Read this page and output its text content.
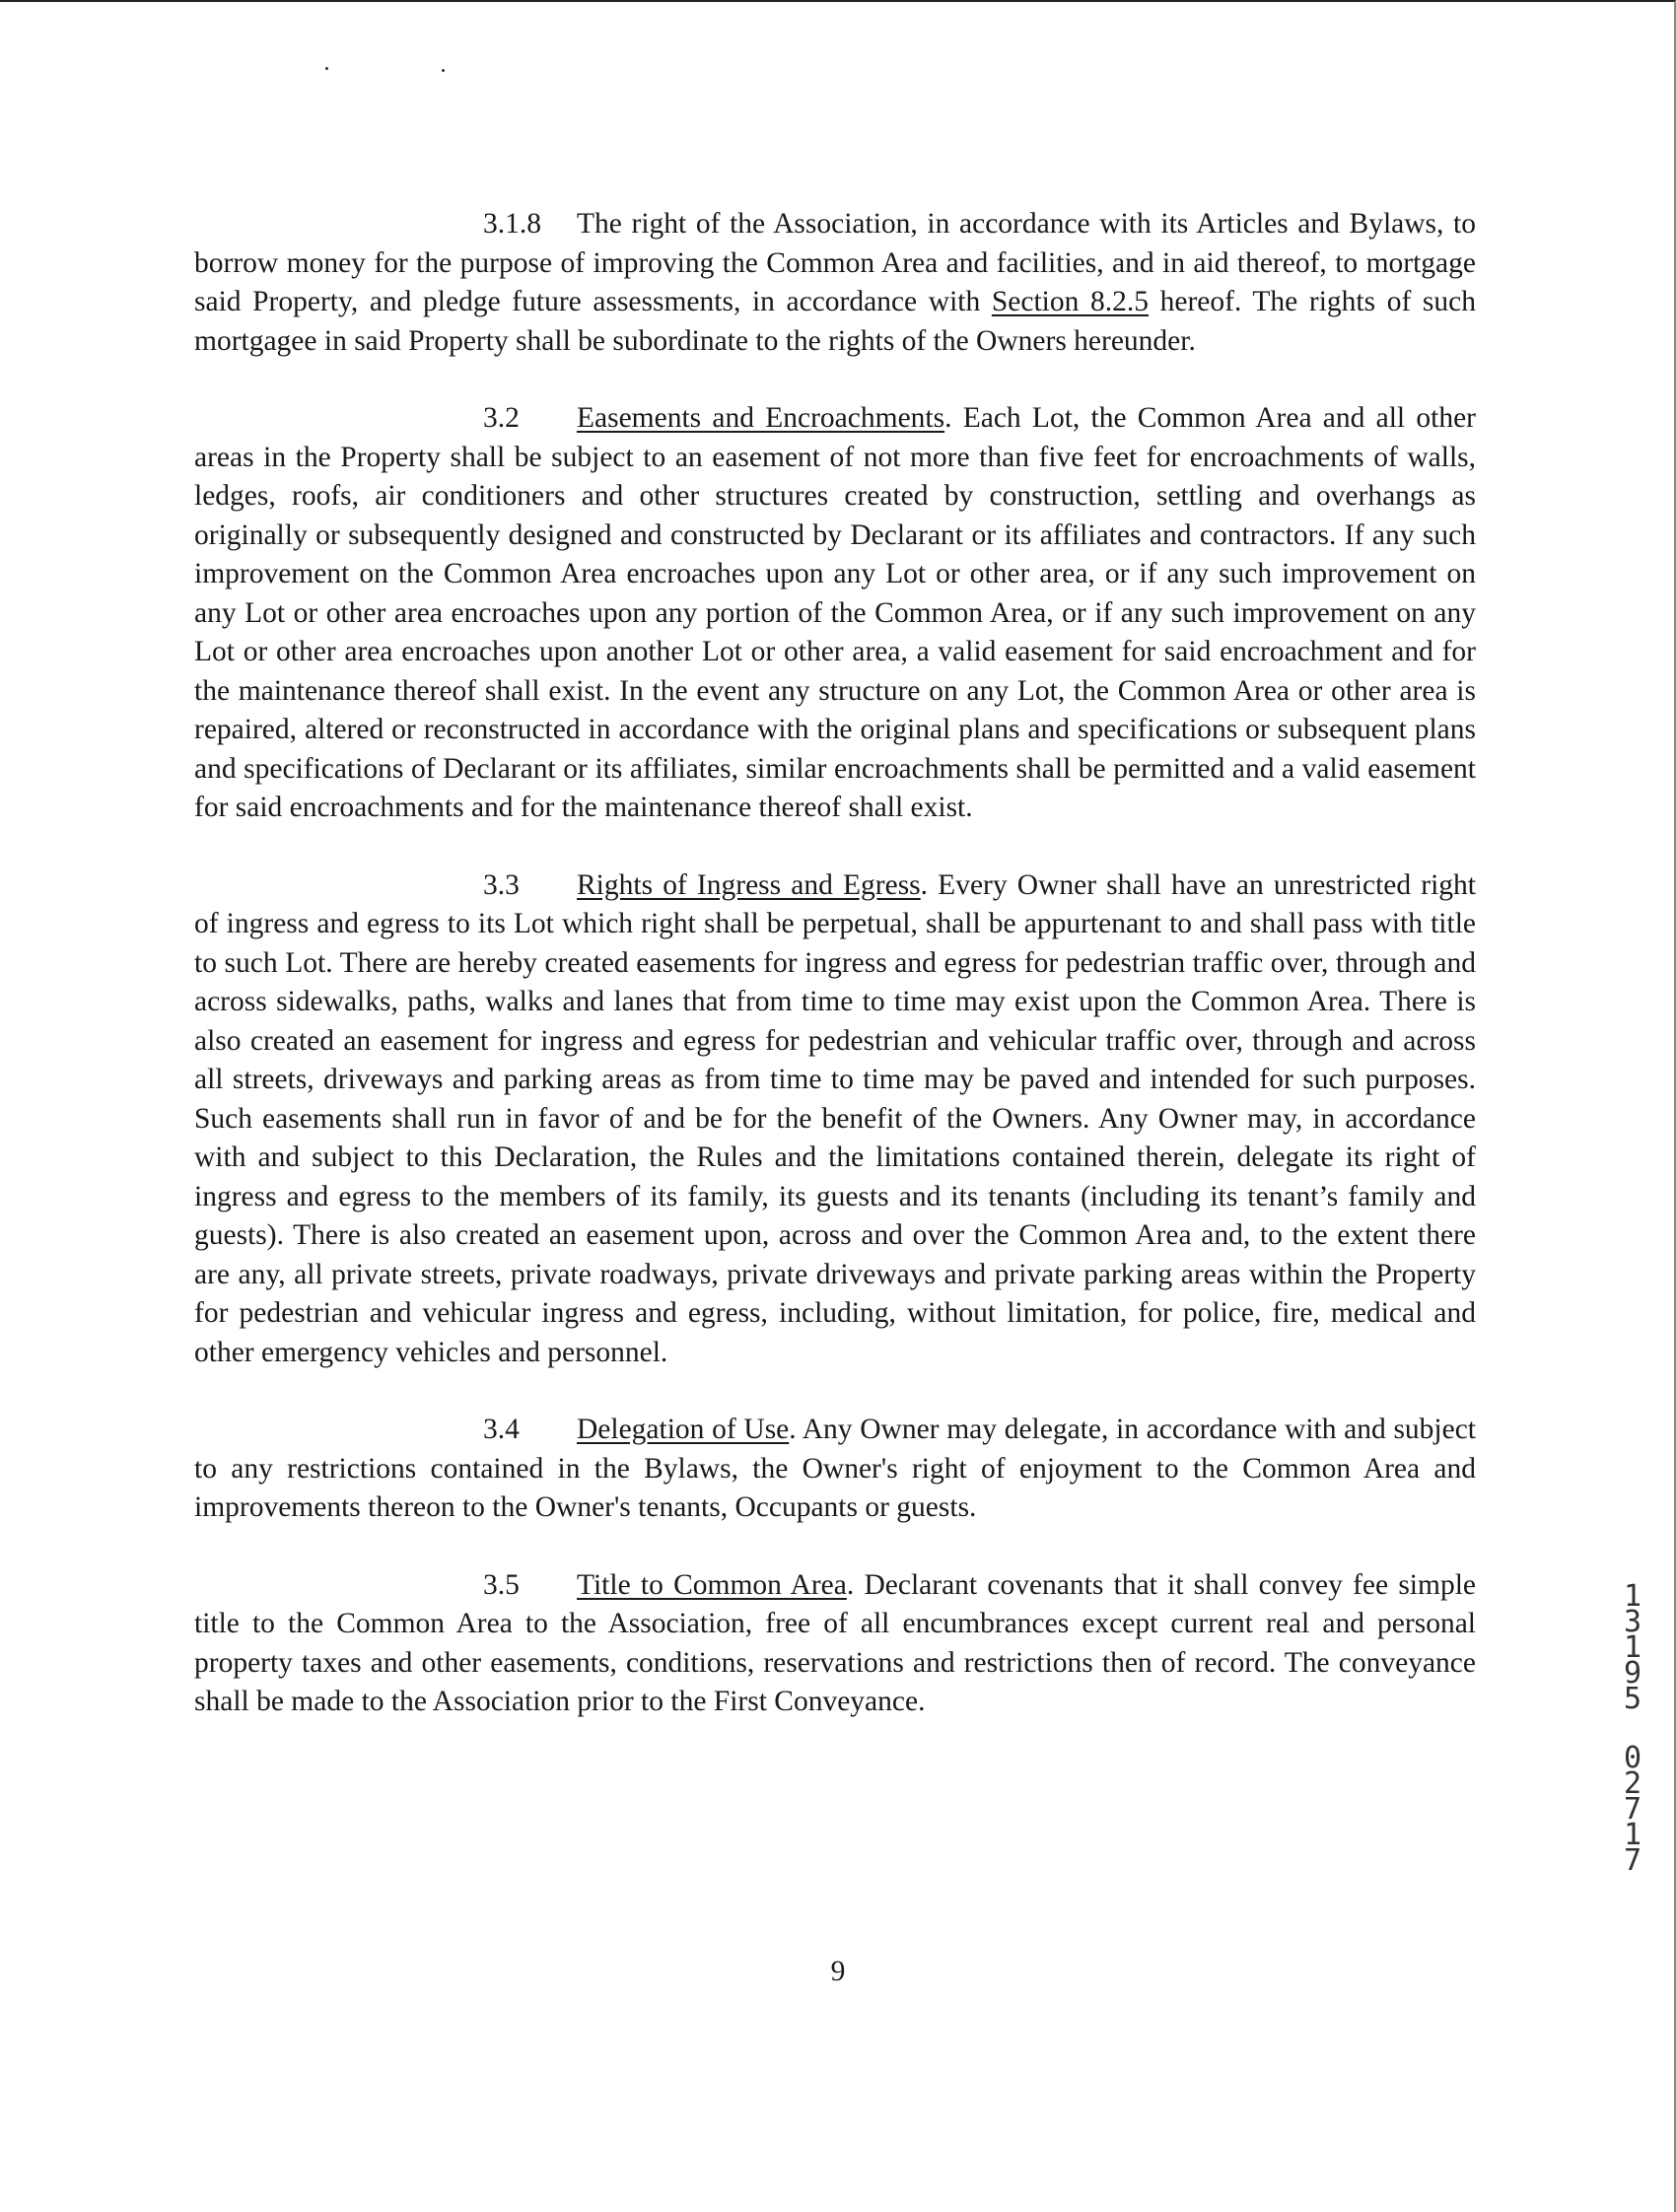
3.1.8 The right of the Association, in accordance with its Articles and Bylaws, to borrow money for the purpose of improving the Common Area and facilities, and in aid thereof, to mortgage said Property, and pledge future assessments, in accordance with Section 8.2.5 hereof. The rights of such mortgagee in said Property shall be subordinate to the rights of the Owners hereunder.

3.2 Easements and Encroachments. Each Lot, the Common Area and all other areas in the Property shall be subject to an easement of not more than five feet for encroachments of walls, ledges, roofs, air conditioners and other structures created by construction, settling and overhangs as originally or subsequently designed and constructed by Declarant or its affiliates and contractors. If any such improvement on the Common Area encroaches upon any Lot or other area, or if any such improvement on any Lot or other area encroaches upon any portion of the Common Area, or if any such improvement on any Lot or other area encroaches upon another Lot or other area, a valid easement for said encroachment and for the maintenance thereof shall exist. In the event any structure on any Lot, the Common Area or other area is repaired, altered or reconstructed in accordance with the original plans and specifications or subsequent plans and specifications of Declarant or its affiliates, similar encroachments shall be permitted and a valid easement for said encroachments and for the maintenance thereof shall exist.

3.3 Rights of Ingress and Egress. Every Owner shall have an unrestricted right of ingress and egress to its Lot which right shall be perpetual, shall be appurtenant to and shall pass with title to such Lot. There are hereby created easements for ingress and egress for pedestrian traffic over, through and across sidewalks, paths, walks and lanes that from time to time may exist upon the Common Area. There is also created an easement for ingress and egress for pedestrian and vehicular traffic over, through and across all streets, driveways and parking areas as from time to time may be paved and intended for such purposes. Such easements shall run in favor of and be for the benefit of the Owners. Any Owner may, in accordance with and subject to this Declaration, the Rules and the limitations contained therein, delegate its right of ingress and egress to the members of its family, its guests and its tenants (including its tenant’s family and guests). There is also created an easement upon, across and over the Common Area and, to the extent there are any, all private streets, private roadways, private driveways and private parking areas within the Property for pedestrian and vehicular ingress and egress, including, without limitation, for police, fire, medical and other emergency vehicles and personnel.

3.4 Delegation of Use. Any Owner may delegate, in accordance with and subject to any restrictions contained in the Bylaws, the Owner's right of enjoyment to the Common Area and improvements thereon to the Owner's tenants, Occupants or guests.

3.5 Title to Common Area. Declarant covenants that it shall convey fee simple title to the Common Area to the Association, free of all encumbrances except current real and personal property taxes and other easements, conditions, reservations and restrictions then of record. The conveyance shall be made to the Association prior to the First Conveyance.

9
1
3
1
9
5
0
2
7
1
7
